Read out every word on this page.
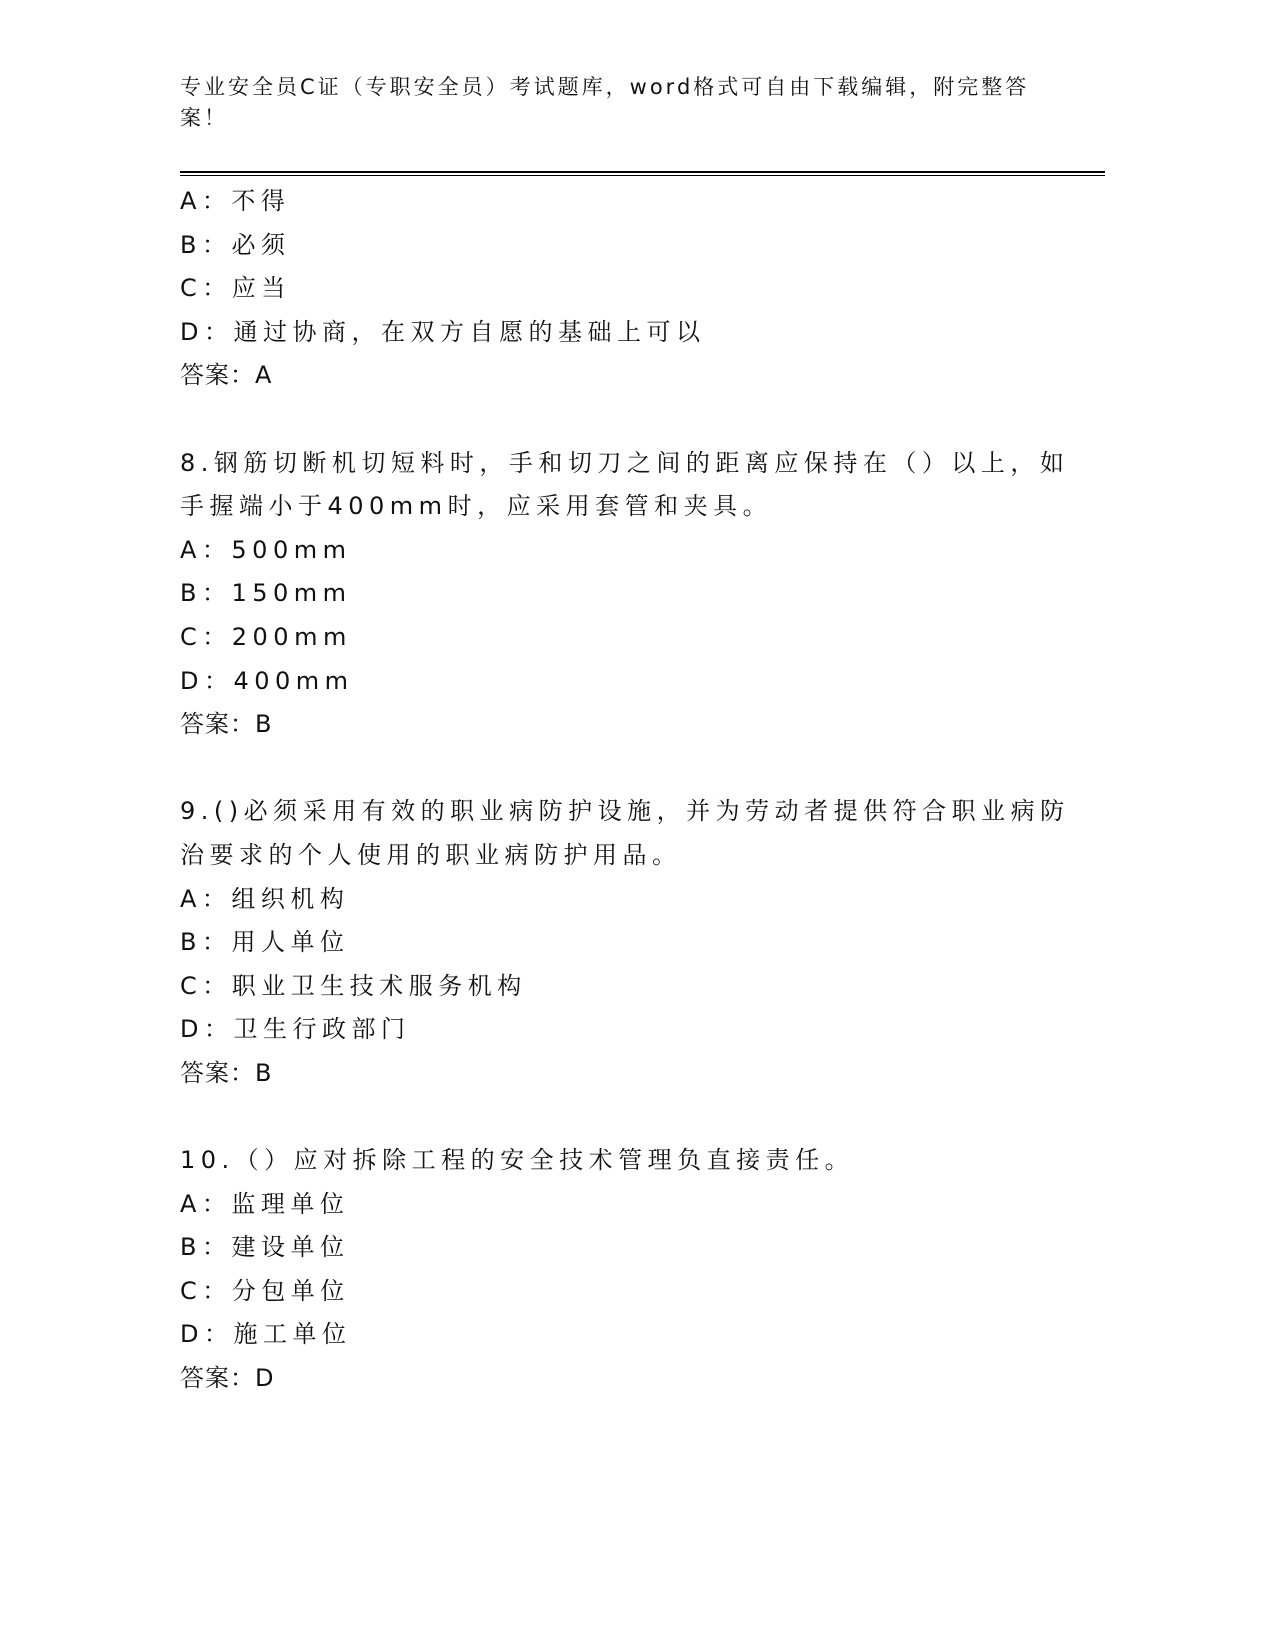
专业安全员C证（专职安全员）考试题库，word格式可自由下载编辑，附完整答
案！
A：不得
B：必须
C：应当
D：通过协商，在双方自愿的基础上可以
答案：A
8.钢筋切断机切短料时，手和切刀之间的距离应保持在（）以上，如
手握端小于400mm时，应采用套管和夹具。
A：500mm
B：150mm
C：200mm
D：400mm
答案：B
9.()必须采用有效的职业病防护设施，并为劳动者提供符合职业病防
治要求的个人使用的职业病防护用品。
A：组织机构
B：用人单位
C：职业卫生技术服务机构
D：卫生行政部门
答案：B
10.（）应对拆除工程的安全技术管理负直接责任。
A：监理单位
B：建设单位
C：分包单位
D：施工单位
答案：D
